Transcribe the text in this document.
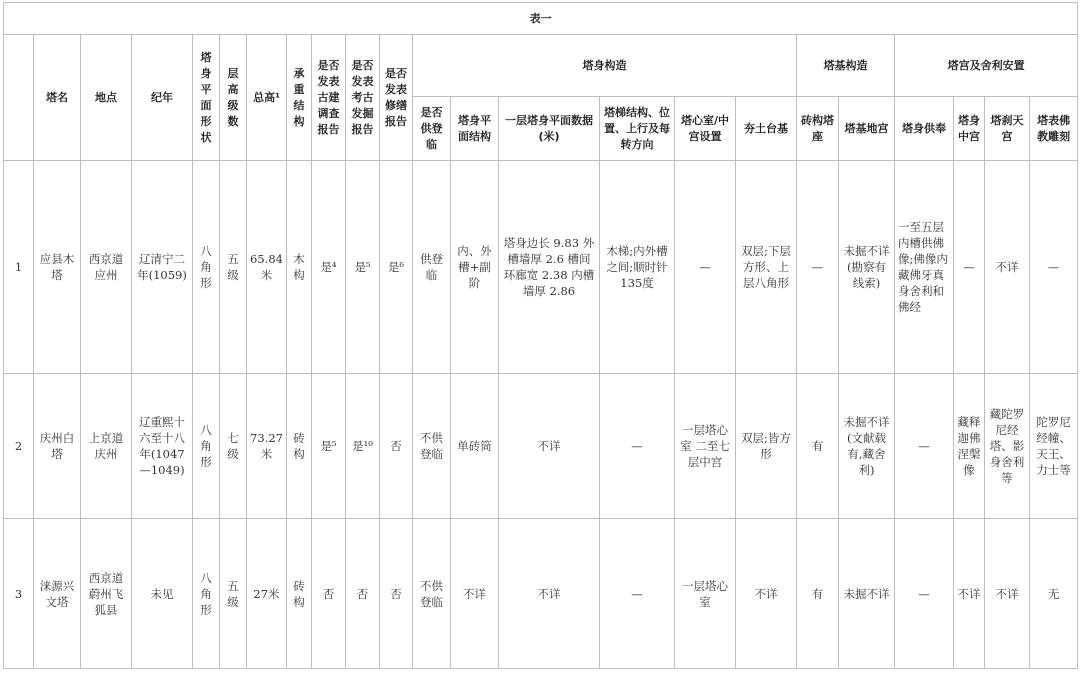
表一																						
	塔名	地点	纪年	塔身平面形状	层高级数	总高¹	承重结构	是否发表古建调查报告	是否发表考古发掘报告	是否发表修缮报告	塔身构造						塔基构造		塔宫及舍利安置			
											是否供登临	塔身平面结构	一层塔身平面数据(米)	塔梯结构、位置、上行及每转方向	塔心室/中宫设置	夯土台基	砖构塔座	塔基地宫	塔身供奉	塔身中宫	塔刹天宫	塔表佛教雕刻
1	应县木塔	西京道应州	辽清宁二年(1059)	八角形	五级	65.84米	木构	是⁴	是⁵	是⁶	供登临	内、外槽+副阶	塔身边长 9.83 外槽墙厚 2.6 槽间环廊宽 2.38 内槽墙厚 2.86	木梯;内外槽之间;顺时针135度	—	双层;下层方形、上层八角形	—	未掘不详(勘察有线索)	一至五层内槽供佛像;佛像内藏佛牙真身舍利和佛经	—	不详	—
2	庆州白塔	上京道庆州	辽重熙十六至十八年(1047—1049)	八角形	七级	73.27米	砖构	是⁵	是¹⁰	否	不供登临	单砖筒	不详	—	一层塔心室 二至七层中宫	双层;皆方形	有	未掘不详(文献载有,藏舍利)	—	藏释迦佛涅槃像	藏陀罗尼经塔、影身舍利等	陀罗尼经幢、天王、力士等
3	涞源兴文塔	西京道蔚州飞狐县	未见	八角形	五级	27米	砖构	否	否	否	不供登临	不详	不详	—	一层塔心室	不详	有	未掘不详	—	不详	不详	无
